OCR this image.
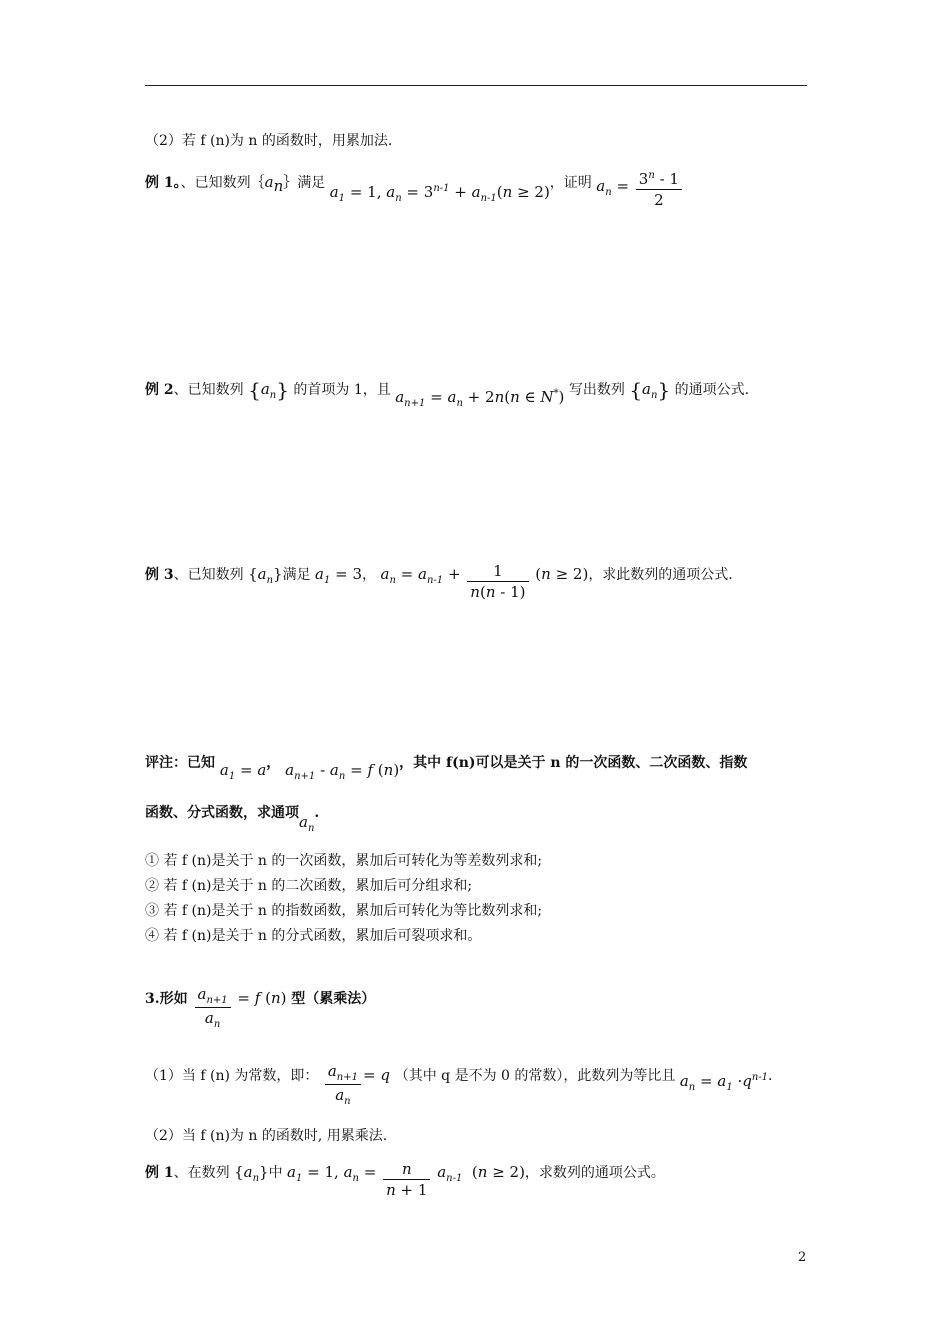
（2）若 f (n)为 n 的函数时，用累加法.
例 1。、已知数列$\{a_n\}$满足 $a_1 = 1$, $a_n = 3^{n-1} + a_{n-1}(n \ge 2)$，证明 $a_n = \frac{3^n - 1}{2}$
例 2、已知数列 $\{a_n\}$ 的首项为 1，且 $a_{n+1} = a_n + 2n(n$ ∈ N*) 写出数列 $\{a_n\}$ 的通项公式.
例 3、已知数列 $\{a_n\}$满足 $a_1 = 3$， $a_n = a_{n-1} + \frac{1}{n(n - 1)} (n \ge 2)$，求此数列的通项公式.
评注：已知 $a_1 = a$， $a_{n+1} - a_n = f$ (n)，其中 f(n)可以是关于 n 的一次函数、二次函数、指数
函数、分式函数，求通项$a_n$.
① 若 f (n)是关于 n 的一次函数，累加后可转化为等差数列求和;
② 若 f (n)是关于 n 的二次函数，累加后可分组求和;
③ 若 f (n)是关于 n 的指数函数，累加后可转化为等比数列求和;
④ 若 f (n)是关于 n 的分式函数，累加后可裂项求和。
3.形如 $\frac{a_{n+1}}{a_n} = f$ (n) 型（累乘法）
（1）当 f (n) 为常数，即： $\frac{a_{n+1}}{a_n} = q$ （其中 q 是不为 0 的常数），此数列为等比且 $a_n = a_1 \cdot q^{n-1}$.
（2）当 f (n)为 n 的函数时, 用累乘法.
例 1、在数列 $\{a_n\}$中 $a_1 = 1$, $a_n = \frac{n}{n + 1} a_{n-1}$ (n ≥ 2)，求数列的通项公式。
2
